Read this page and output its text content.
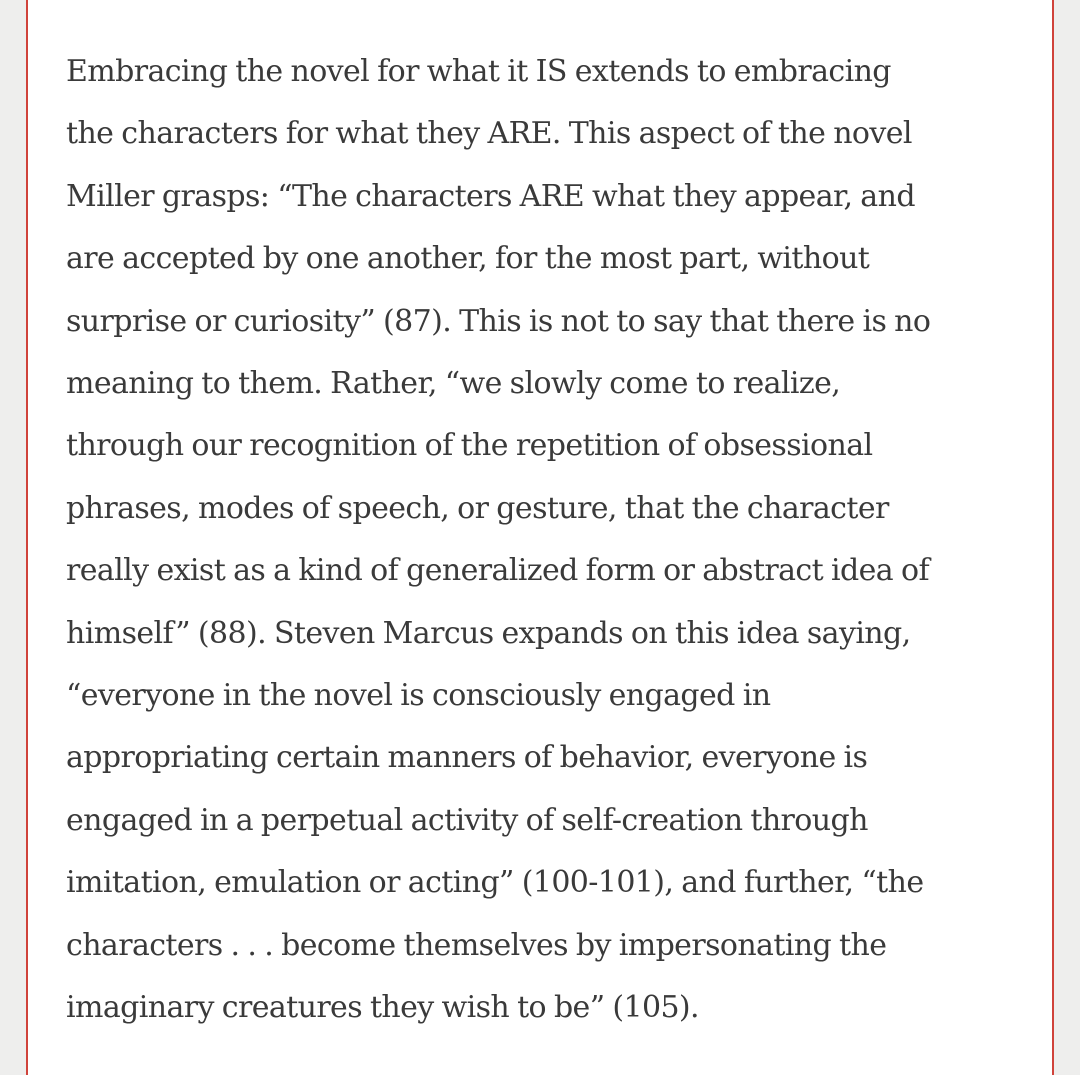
Embracing the novel for what it IS extends to embracing
the characters for what they ARE. This aspect of the novel
Miller grasps: “The characters ARE what they appear, and
are accepted by one another, for the most part, without
surprise or curiosity” (87). This is not to say that there is no
meaning to them. Rather, “we slowly come to realize,
through our recognition of the repetition of obsessional
phrases, modes of speech, or gesture, that the character
really exist as a kind of generalized form or abstract idea of
himself” (88). Steven Marcus expands on this idea saying,
“everyone in the novel is consciously engaged in
appropriating certain manners of behavior, everyone is
engaged in a perpetual activity of self-creation through
imitation, emulation or acting” (100-101), and further, “the
characters . . . become themselves by impersonating the
imaginary creatures they wish to be” (105).
